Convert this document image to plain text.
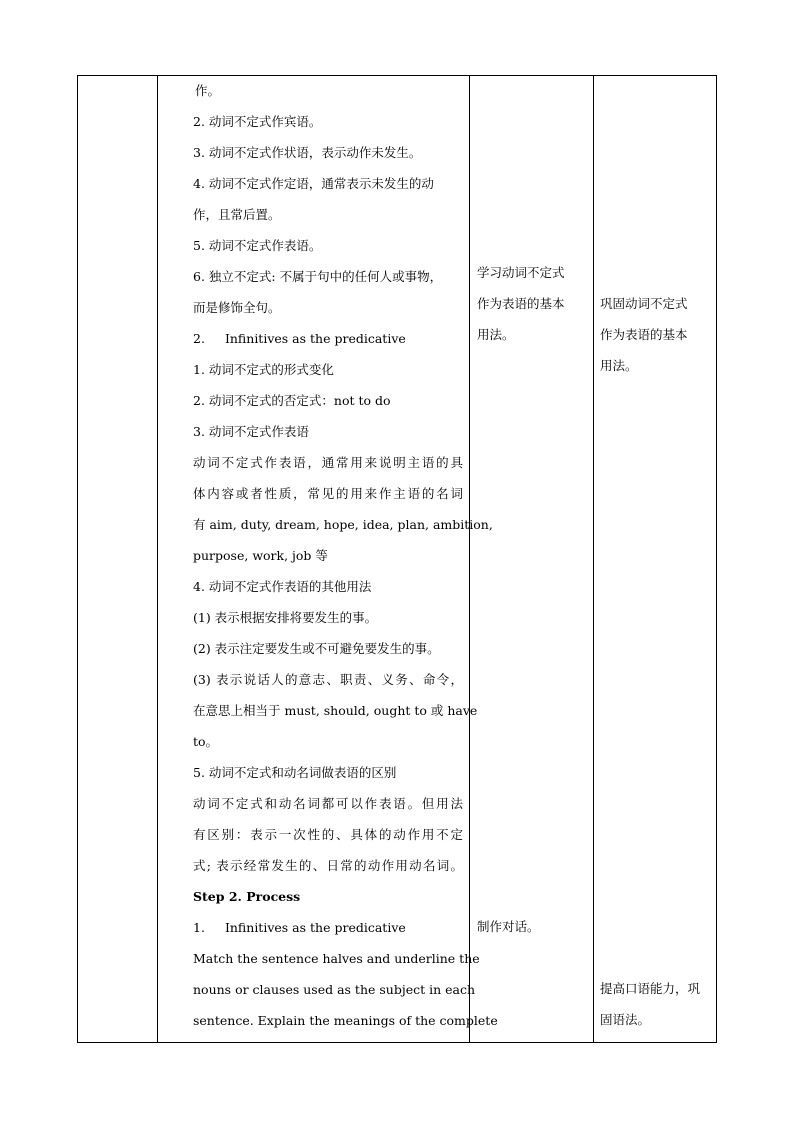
作。
2. 动词不定式作宾语。
3. 动词不定式作状语，表示动作未发生。
4. 动词不定式作定语，通常表示未发生的动
作，且常后置。
5. 动词不定式作表语。
6. 独立不定式: 不属于句中的任何人或事物，
而是修饰全句。
2. Infinitives as the predicative
1. 动词不定式的形式变化
2. 动词不定式的否定式：not to do
3. 动词不定式作表语
动词不定式作表语，通常用来说明主语的具
体内容或者性质，常见的用来作主语的名词
有 aim, duty, dream, hope, idea, plan, ambition,
purpose, work, job 等
4. 动词不定式作表语的其他用法
(1) 表示根据安排将要发生的事。
(2) 表示注定要发生或不可避免要发生的事。
(3) 表示说话人的意志、职责、义务、命令，
在意思上相当于 must, should, ought to 或 have
to。
5. 动词不定式和动名词做表语的区别
动词不定式和动名词都可以作表语。但用法
有区别：表示一次性的、具体的动作用不定
式; 表示经常发生的、日常的动作用动名词。
Step 2. Process
1. Infinitives as the predicative
Match the sentence halves and underline the
nouns or clauses used as the subject in each
sentence. Explain the meanings of the complete
学习动词不定式
作为表语的基本
用法。
制作对话。
巩固动词不定式
作为表语的基本
用法。
提高口语能力，巩
固语法。
